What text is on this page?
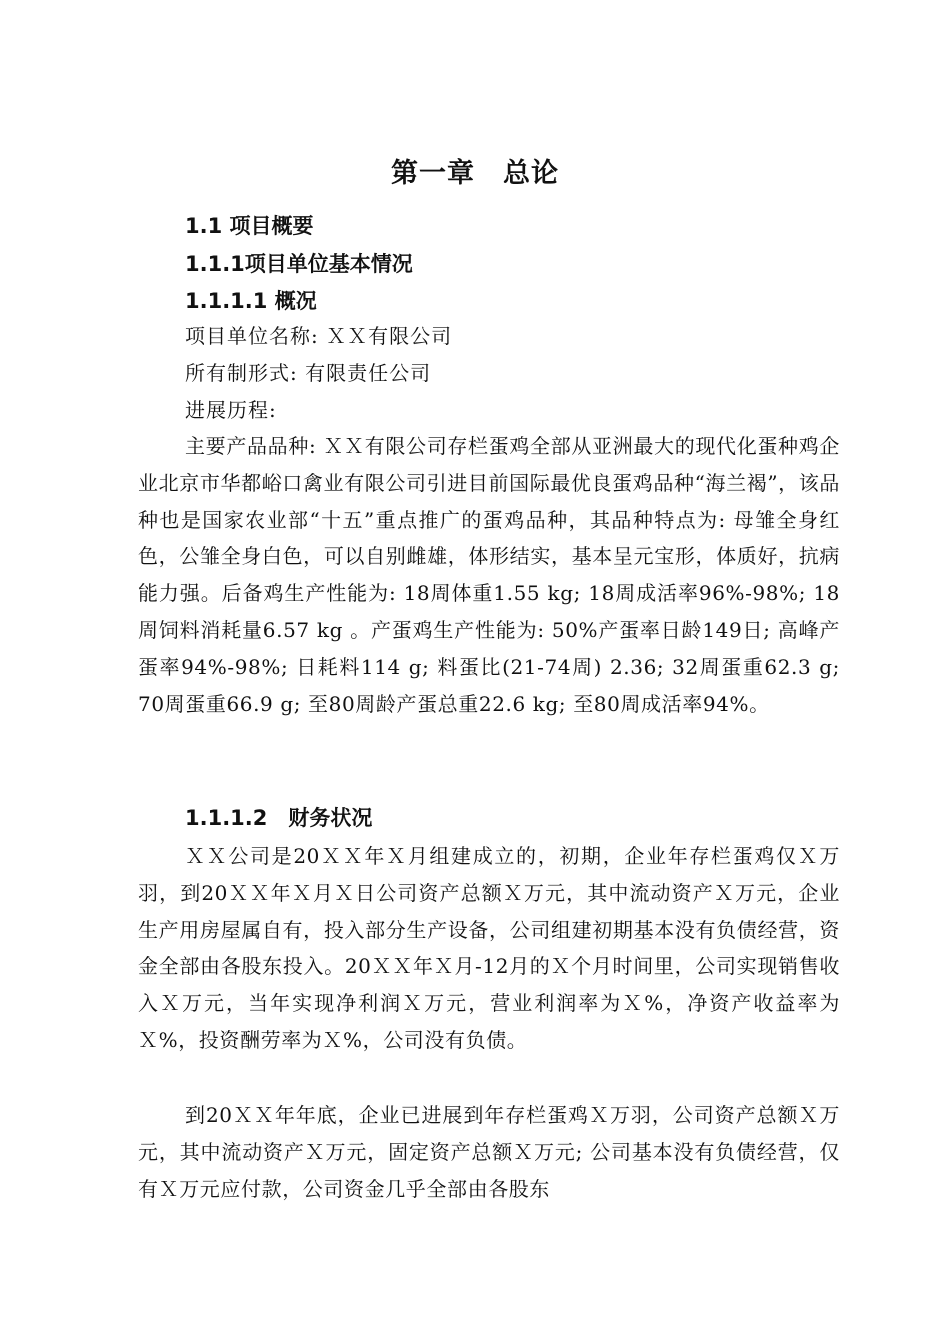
第一章　总论
1.1 项目概要
1.1.1项目单位基本情况
1.1.1.1 概况
项目单位名称: ＸＸ有限公司
所有制形式: 有限责任公司
进展历程:

主要产品品种: ＸＸ有限公司存栏蛋鸡全部从亚洲最大的现代化蛋种鸡企业北京市华都峪口禽业有限公司引进目前国际最优良蛋鸡品种“海兰褐”，该品种也是国家农业部“十五”重点推广的蛋鸡品种，其品种特点为: 母雏全身红色，公雏全身白色，可以自别雌雄，体形结实，基本呈元宝形，体质好，抗病能力强。后备鸡生产性能为: 18周体重1.55 kg; 18周成活率96%-98%; 18周饲料消耗量6.57 kg 。产蛋鸡生产性能为: 50%产蛋率日龄149日; 高峰产蛋率94%-98%; 日耗料114 g; 料蛋比(21-74周) 2.36; 32周蛋重62.3 g; 70周蛋重66.9 g; 至80周龄产蛋总重22.6 kg; 至80周成活率94%。

1.1.1.2　财务状况

ＸＸ公司是20ＸＸ年Ｘ月组建成立的，初期，企业年存栏蛋鸡仅Ｘ万羽，到20ＸＸ年Ｘ月Ｘ日公司资产总额Ｘ万元，其中流动资产Ｘ万元，企业生产用房屋属自有，投入部分生产设备，公司组建初期基本没有负债经营，资金全部由各股东投入。20ＸＸ年Ｘ月-12月的Ｘ个月时间里，公司实现销售收入Ｘ万元，当年实现净利润Ｘ万元，营业利润率为Ｘ%，净资产收益率为Ｘ%，投资酬劳率为Ｘ%，公司没有负债。

到20ＸＸ年年底，企业已进展到年存栏蛋鸡Ｘ万羽，公司资产总额Ｘ万元，其中流动资产Ｘ万元，固定资产总额Ｘ万元; 公司基本没有负债经营，仅有Ｘ万元应付款，公司资金几乎全部由各股东
